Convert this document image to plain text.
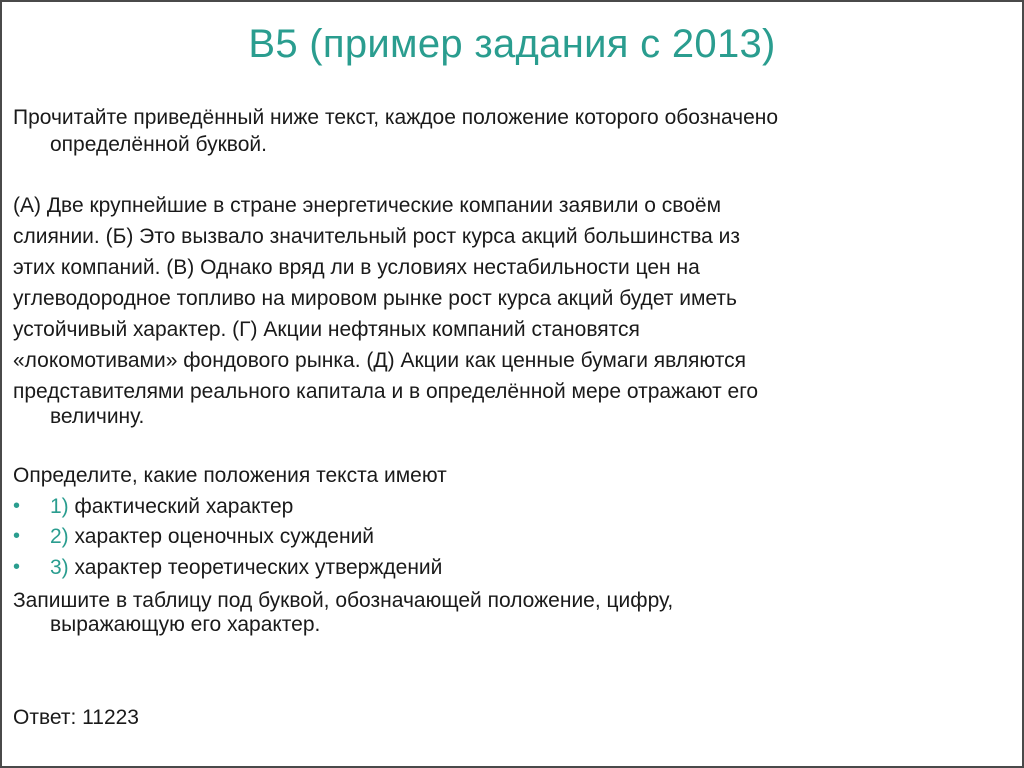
В5 (пример задания с 2013)
Прочитайте приведённый ниже текст, каждое положение которого обозначено
определённой буквой.
(А) Две крупнейшие в стране энергетические компании заявили о своём
слиянии. (Б) Это вызвало значительный рост курса акций большинства из
этих компаний. (В) Однако вряд ли в условиях нестабильности цен на
углеводородное топливо на мировом рынке рост курса акций будет иметь
устойчивый характер. (Г) Акции нефтяных компаний становятся
«локомотивами» фондового рынка. (Д) Акции как ценные бумаги являются
представителями реального капитала и в определённой мере отражают его
величину.
Определите, какие положения текста имеют
• 1) фактический характер
• 2) характер оценочных суждений
• 3) характер теоретических утверждений
Запишите в таблицу под буквой, обозначающей положение, цифру,
выражающую его характер.
Ответ: 11223
